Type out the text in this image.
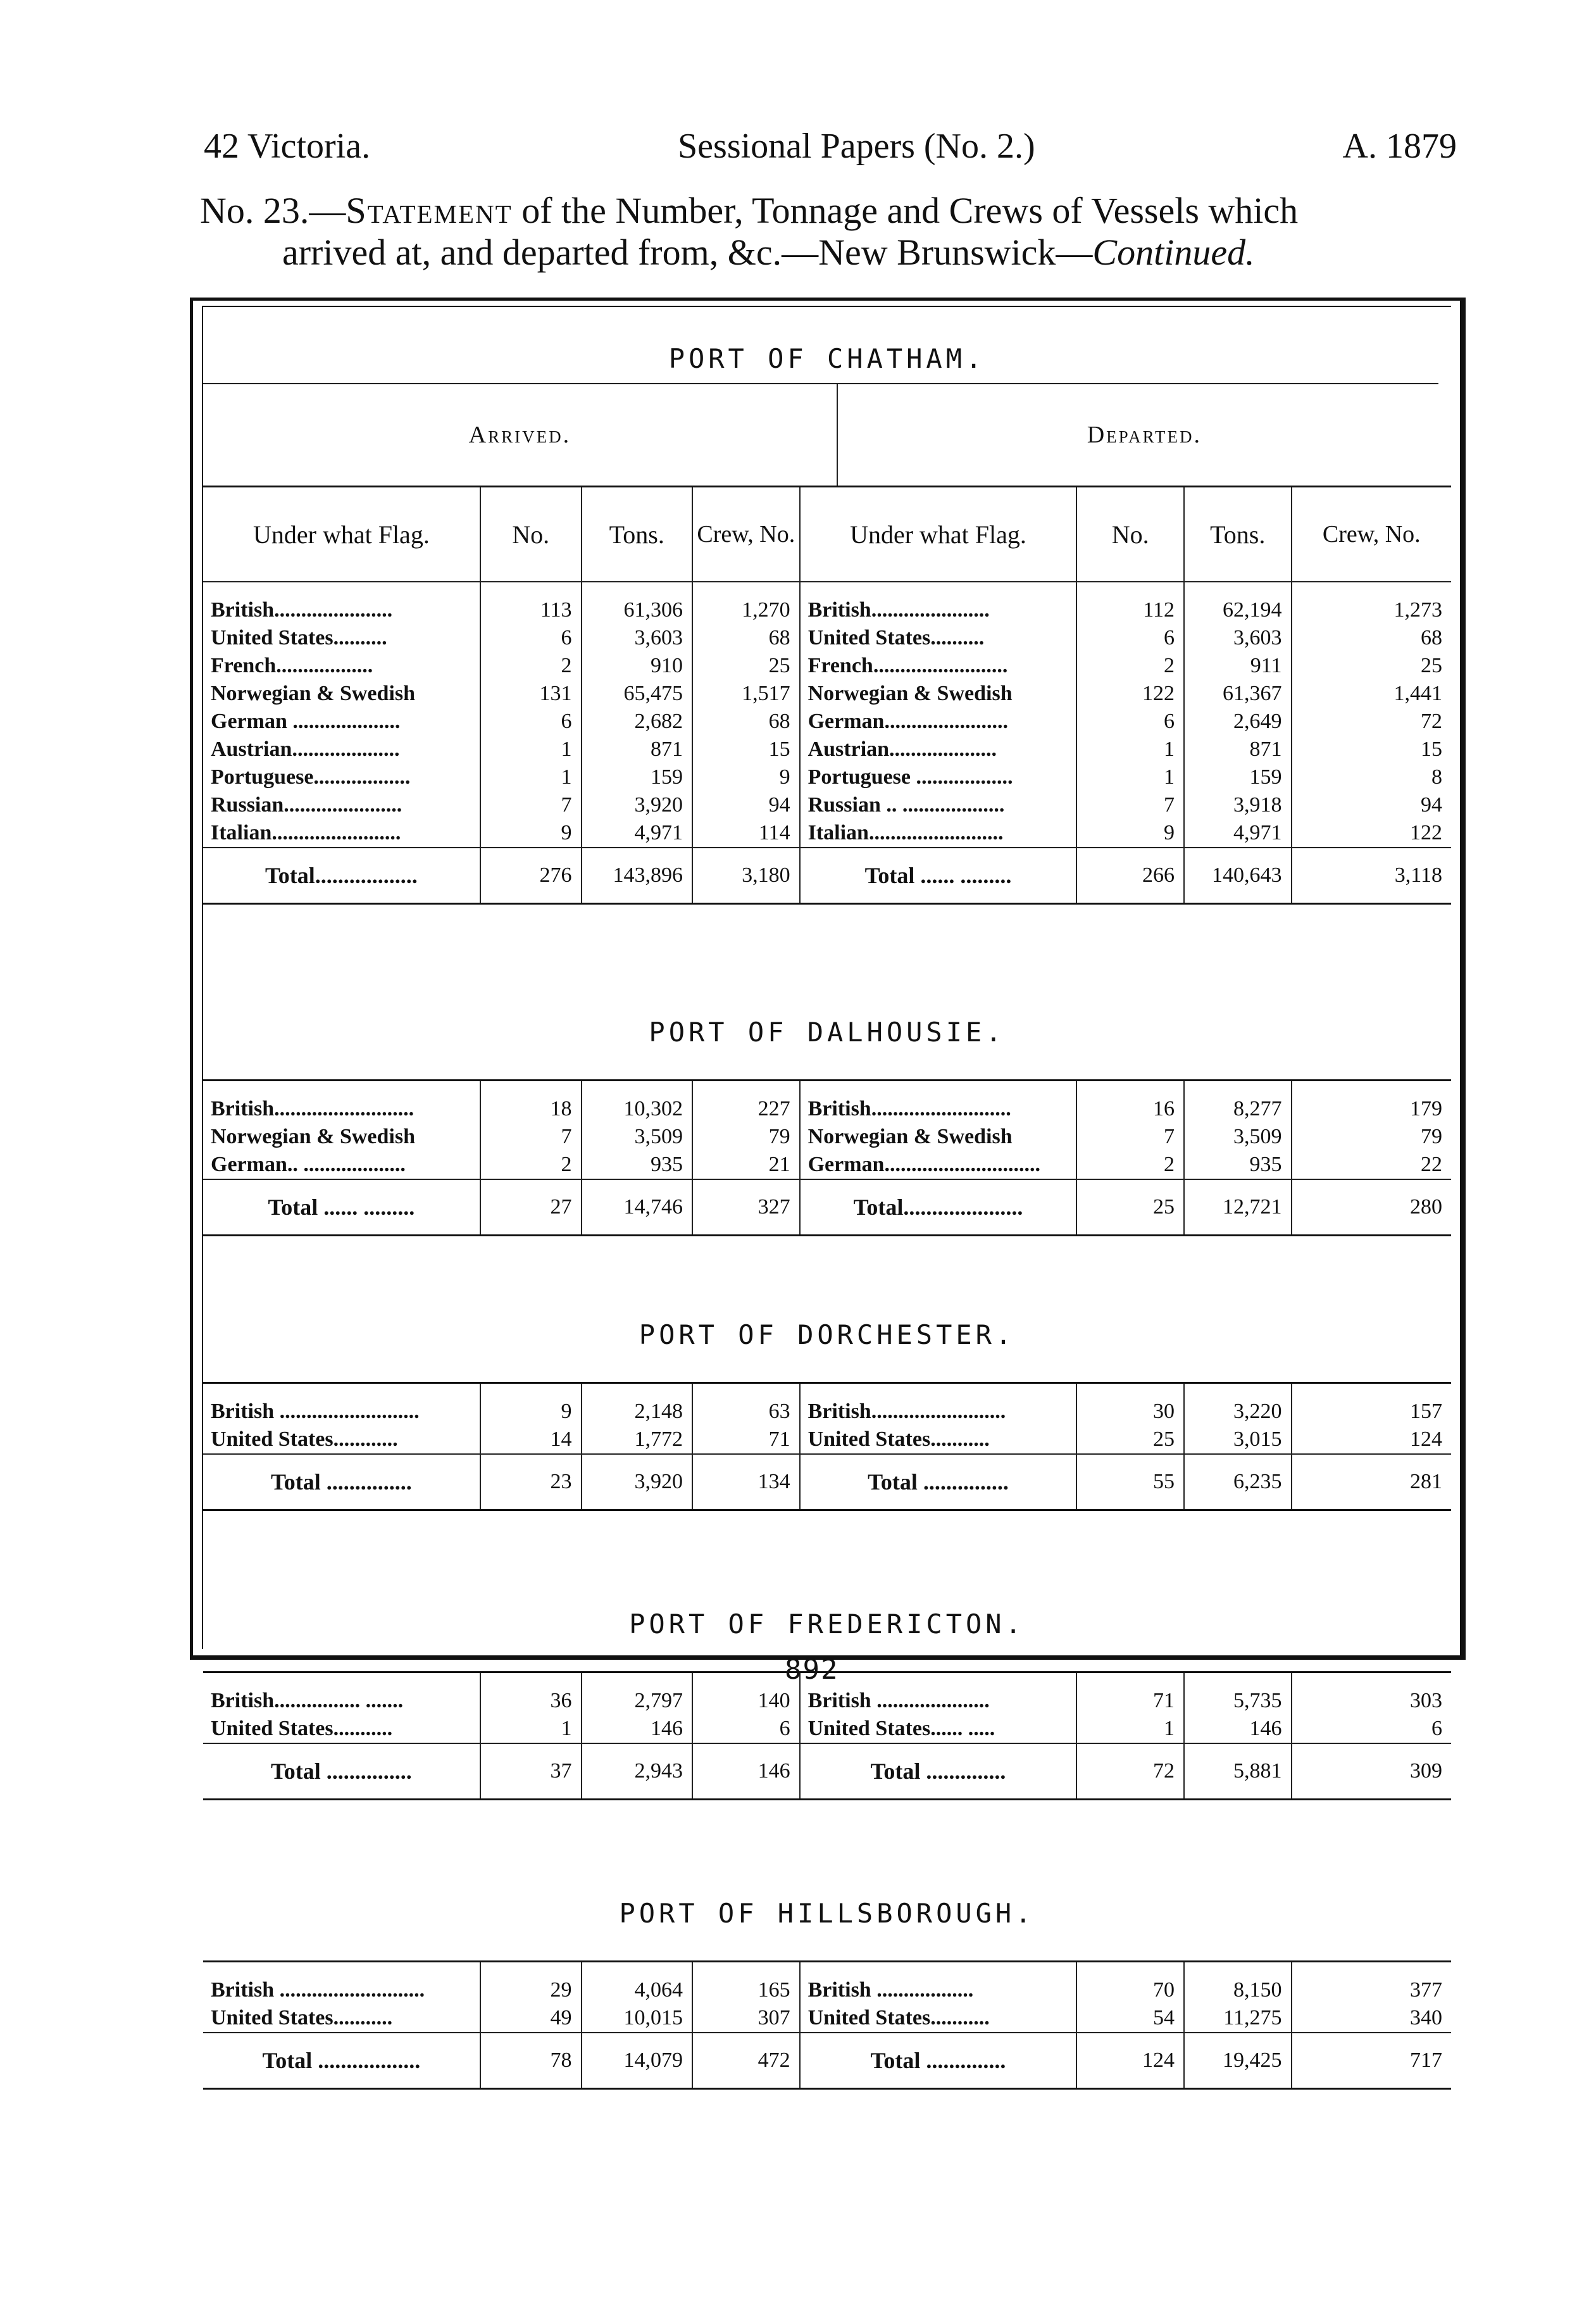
42 Victoria.	Sessional Papers (No. 2.)	A. 1879
No. 23.—Statement of the Number, Tonnage and Crews of Vessels which
arrived at, and departed from, &c.—New Brunswick—Continued.
PORT OF CHATHAM.
Arrived.	Departed.
Under what Flag.	No.	Tons.	Crew, No.	Under what Flag.	No.	Tons.	Crew, No.

British......................	113	61,306	1,270	British......................	112	62,194	1,273
United States..........	6	3,603	68	United States..........	6	3,603	68
French..................	2	910	25	French.........................	2	911	25
Norwegian & Swedish	131	65,475	1,517	Norwegian & Swedish	122	61,367	1,441
German ....................	6	2,682	68	German.......................	6	2,649	72
Austrian....................	1	871	15	Austrian....................	1	871	15
Portuguese..................	1	159	9	Portuguese ..................	1	159	8
Russian......................	7	3,920	94	Russian .. ...................	7	3,918	94
Italian........................	9	4,971	114	Italian.........................	9	4,971	122
Total..................	276	143,896	3,180	Total ...... .........	266	140,643	3,118
PORT OF DALHOUSIE.

British..........................	18	10,302	227	British..........................	16	8,277	179
Norwegian & Swedish	7	3,509	79	Norwegian & Swedish	7	3,509	79
German.. ...................	2	935	21	German.............................	2	935	22
Total ...... .........	27	14,746	327	Total.....................	25	12,721	280
PORT OF DORCHESTER.

British ..........................	9	2,148	63	British.........................	30	3,220	157
United States............	14	1,772	71	United States...........	25	3,015	124
Total ...............	23	3,920	134	Total ...............	55	6,235	281
PORT OF FREDERICTON.

British................ .......	36	2,797	140	British .....................	71	5,735	303
United States...........	1	146	6	United States...... .....	1	146	6
Total ...............	37	2,943	146	Total ..............	72	5,881	309
PORT OF HILLSBOROUGH.

British ...........................	29	4,064	165	British ..................	70	8,150	377
United States...........	49	10,015	307	United States...........	54	11,275	340
Total ..................	78	14,079	472	Total ..............	124	19,425	717
892
